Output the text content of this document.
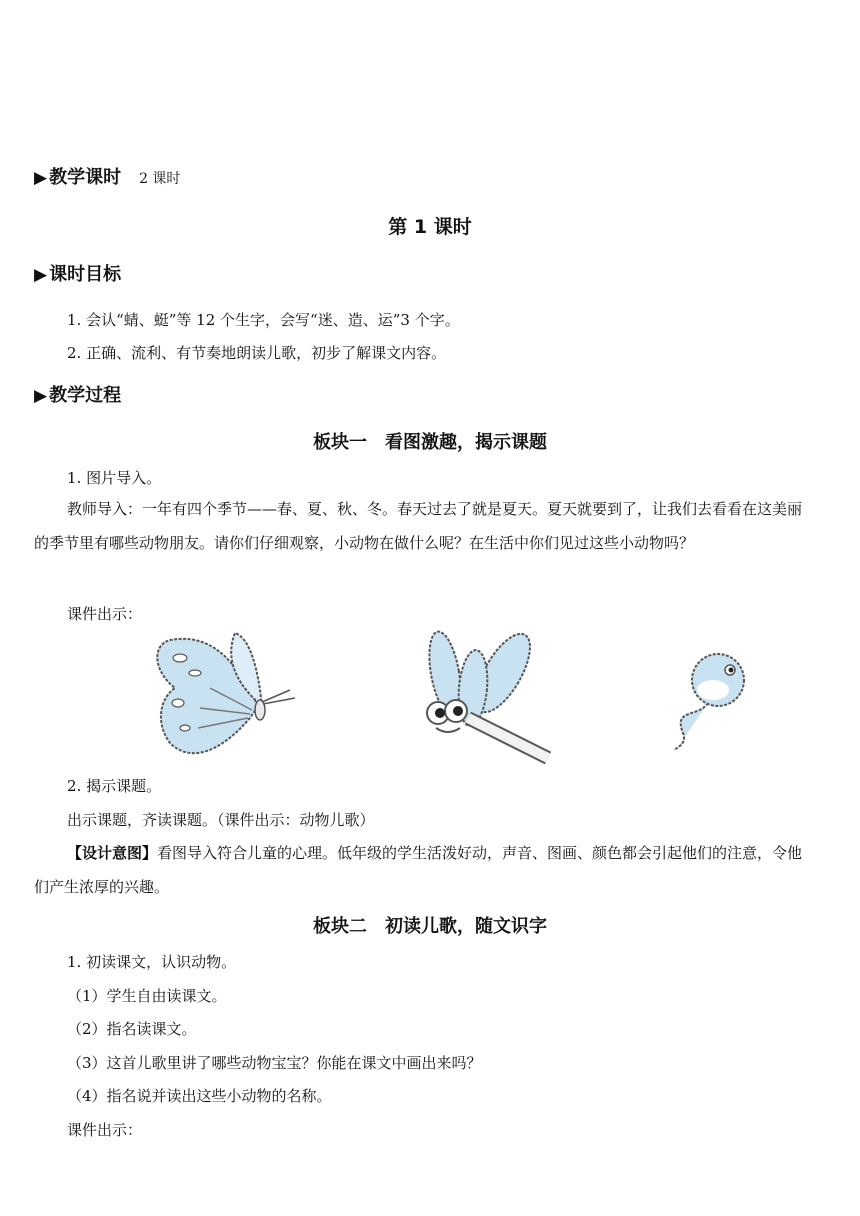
▶ 教学课时 2 课时
第 1 课时
▶ 课时目标
1. 会认“蜻、蜓”等 12 个生字，会写“迷、造、运”3 个字。
2. 正确、流利、有节奏地朗读儿歌，初步了解课文内容。
▶ 教学过程
板块一　看图激趣，揭示课题
1. 图片导入。
教师导入：一年有四个季节——春、夏、秋、冬。春天过去了就是夏天。夏天就要到了，让我们去看看在这美丽的季节里有哪些动物朋友。请你们仔细观察，小动物在做什么呢？在生活中你们见过这些小动物吗？
课件出示：
2. 揭示课题。
出示课题，齐读课题。（课件出示：动物儿歌）
【设计意图】看图导入符合儿童的心理。低年级的学生活泼好动，声音、图画、颜色都会引起他们的注意，令他们产生浓厚的兴趣。
板块二　初读儿歌，随文识字
1. 初读课文，认识动物。
（1）学生自由读课文。
（2）指名读课文。
（3）这首儿歌里讲了哪些动物宝宝？你能在课文中画出来吗？
（4）指名说并读出这些小动物的名称。
课件出示：
